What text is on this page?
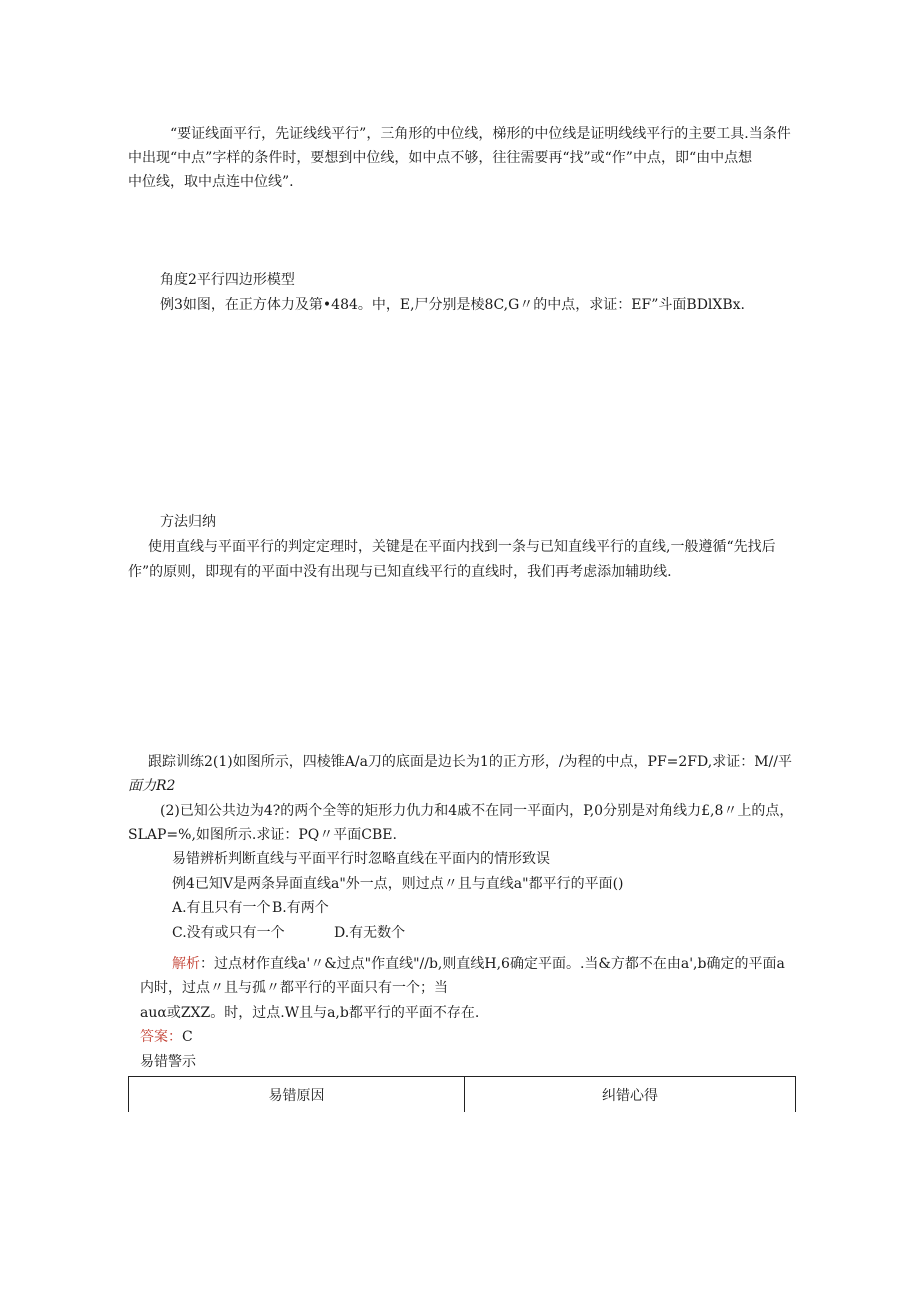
“要证线面平行，先证线线平行”，三角形的中位线，梯形的中位线是证明线线平行的主要工具.当条件
中出现“中点”字样的条件时，要想到中位线，如中点不够，往往需要再“找”或“作”中点，即“由中点想
中位线，取中点连中位线”.
角度2平行四边形模型
例3如图，在正方体力及第•484。中，E,尸分别是棱8C,G〃的中点，求证：EF”斗面BDlXBx.
方法归纳
使用直线与平面平行的判定定理时，关键是在平面内找到一条与已知直线平行的直线,一般遵循“先找后
作”的原则，即现有的平面中没有出现与已知直线平行的直线时，我们再考虑添加辅助线.
跟踪训练2(1)如图所示，四棱锥A/a刀的底面是边长为1的正方形，/为程的中点，PF=2FD,求证：M//平
面力R2
(2)已知公共边为4?的两个全等的矩形力仇力和4戚不在同一平面内，P,0分别是对角线力£,8〃上的点，
SLAP=%,如图所示.求证：PQ〃平面CBE.
易错辨析判断直线与平面平行时忽略直线在平面内的情形致误
例4已知V是两条异面直线a"外一点，则过点〃且与直线a"都平行的平面()
A.有且只有一个 B.有两个
C.没有或只有一个	D.有无数个
解析：过点材作直线a'〃&过点"作直线"//b,则直线H,6确定平面。.当&方都不在由a',b确定的平面a
内时，过点〃且与孤〃都平行的平面只有一个；当
auα或ZXZ。时，过点.W且与a,b都平行的平面不存在.
答案：C
易错警示
易错原因	纠错心得
